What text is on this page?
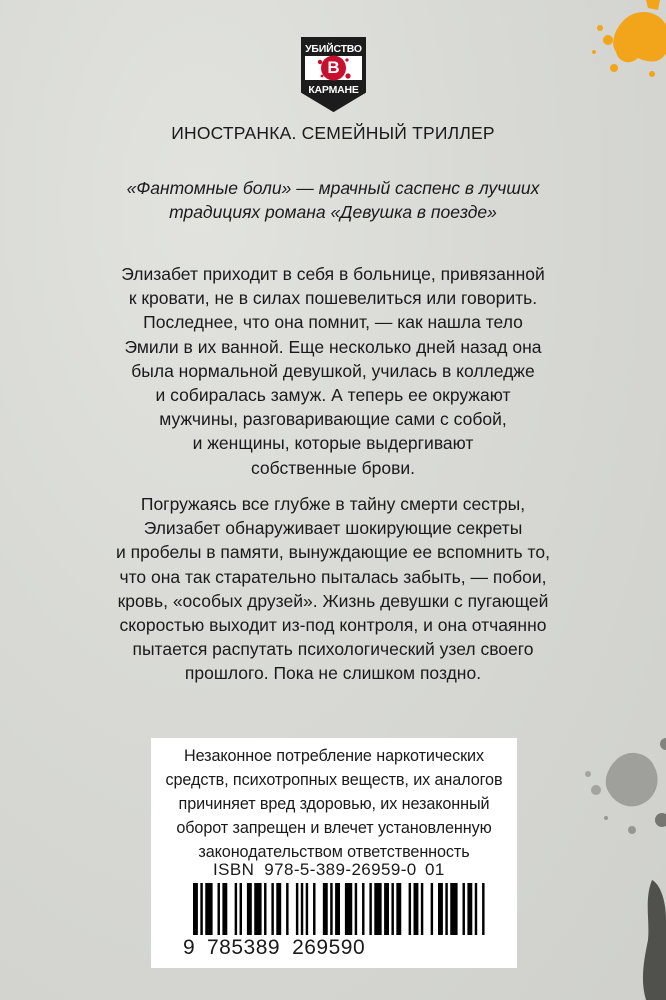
УБИЙСТВО
В
КАРМАНЕ
ИНОСТРАНКА. СЕМЕЙНЫЙ ТРИЛЛЕР
«Фантомные боли» — мрачный саспенс в лучших
традициях романа «Девушка в поезде»
Элизабет приходит в себя в больнице, привязанной
к кровати, не в силах пошевелиться или говорить.
Последнее, что она помнит, — как нашла тело
Эмили в их ванной. Еще несколько дней назад она
была нормальной девушкой, училась в колледже
и собиралась замуж. А теперь ее окружают
мужчины, разговаривающие сами с собой,
и женщины, которые выдергивают
собственные брови.
Погружаясь все глубже в тайну смерти сестры,
Элизабет обнаруживает шокирующие секреты
и пробелы в памяти, вынуждающие ее вспомнить то,
что она так старательно пыталась забыть, — побои,
кровь, «особых друзей». Жизнь девушки с пугающей
скоростью выходит из-под контроля, и она отчаянно
пытается распутать психологический узел своего
прошлого. Пока не слишком поздно.
Незаконное потребление наркотических
средств, психотропных веществ, их аналогов
причиняет вред здоровью, их незаконный
оборот запрещен и влечет установленную
законодательством ответственность
ISBN 978-5-389-26959-0 01
9 785389 269590
